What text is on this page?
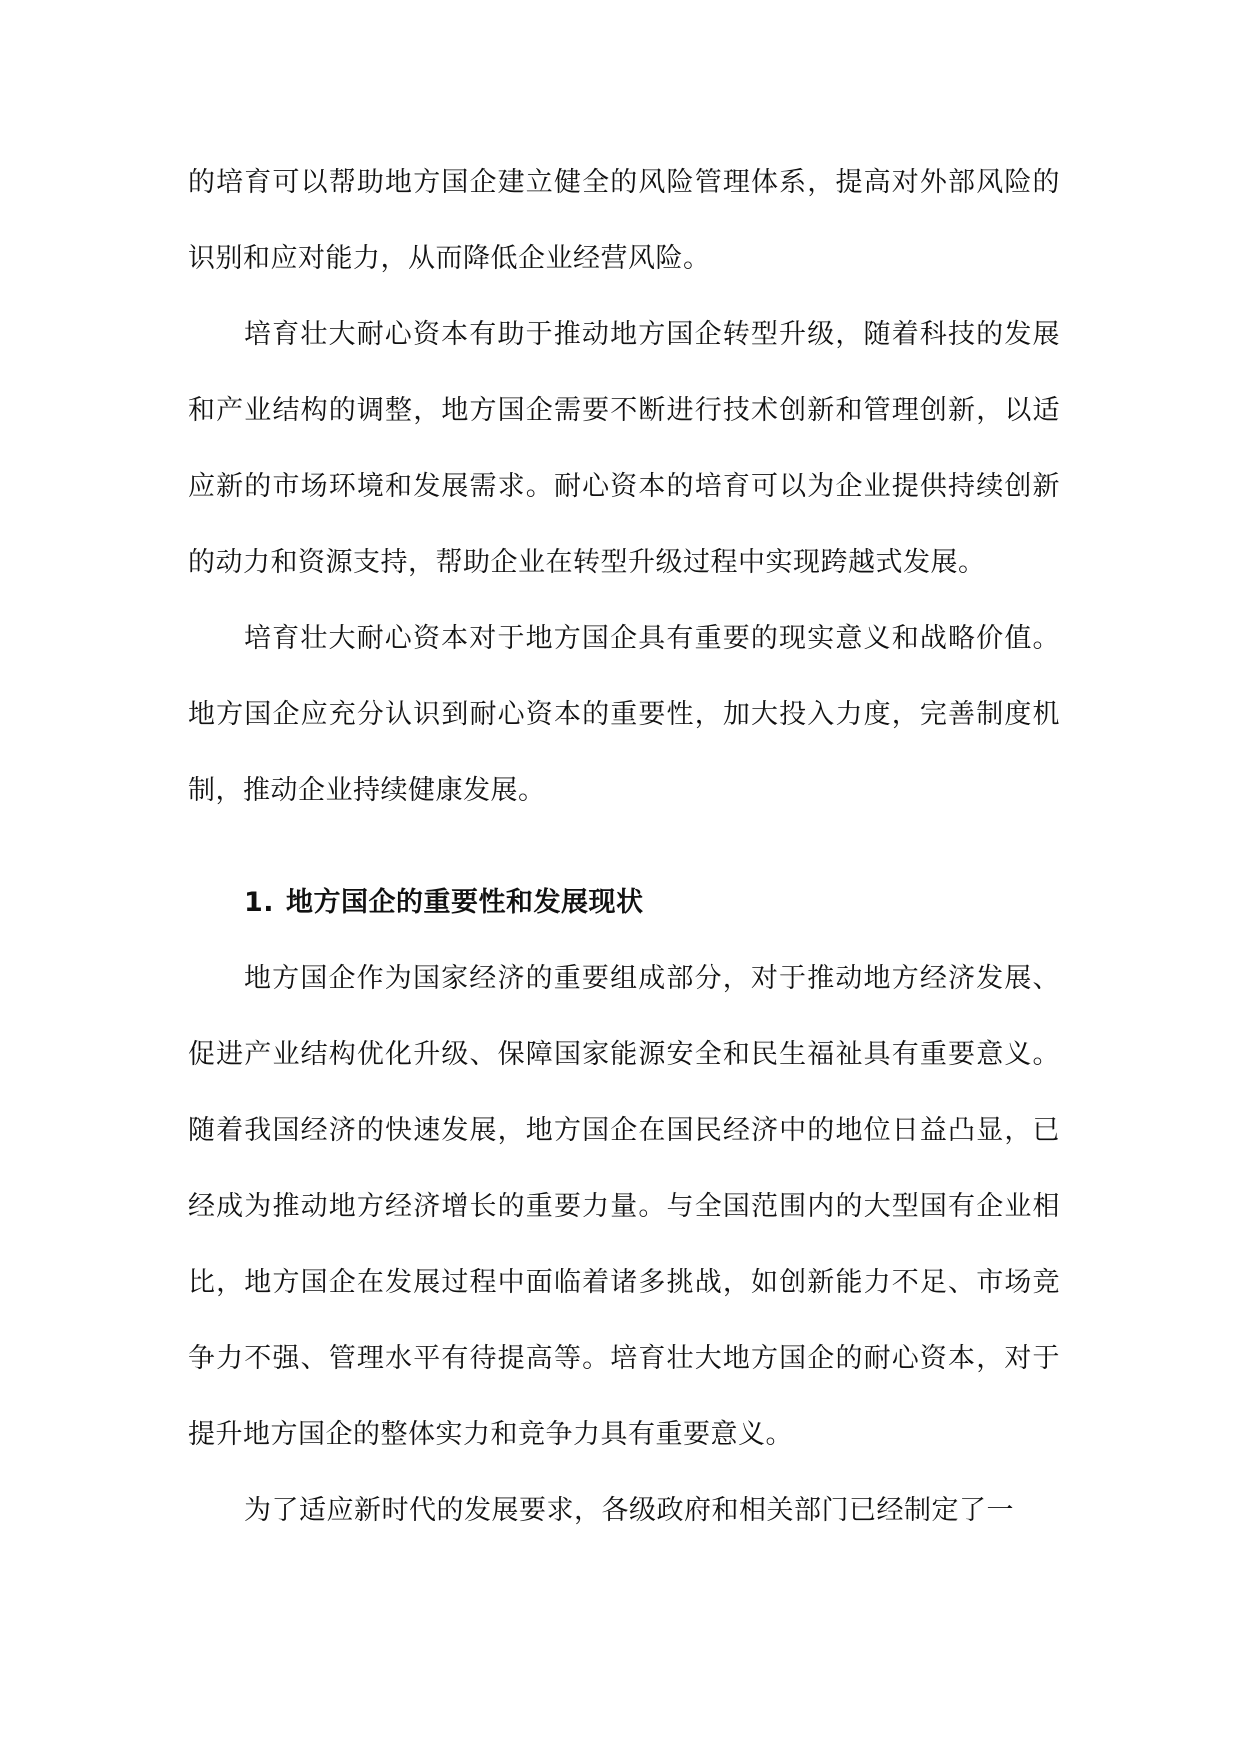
的培育可以帮助地方国企建立健全的风险管理体系，提高对外部风险的识别和应对能力，从而降低企业经营风险。

培育壮大耐心资本有助于推动地方国企转型升级，随着科技的发展和产业结构的调整，地方国企需要不断进行技术创新和管理创新，以适应新的市场环境和发展需求。耐心资本的培育可以为企业提供持续创新的动力和资源支持，帮助企业在转型升级过程中实现跨越式发展。

培育壮大耐心资本对于地方国企具有重要的现实意义和战略价值。地方国企应充分认识到耐心资本的重要性，加大投入力度，完善制度机制，推动企业持续健康发展。

1. 地方国企的重要性和发展现状

地方国企作为国家经济的重要组成部分，对于推动地方经济发展、促进产业结构优化升级、保障国家能源安全和民生福祉具有重要意义。随着我国经济的快速发展，地方国企在国民经济中的地位日益凸显，已经成为推动地方经济增长的重要力量。与全国范围内的大型国有企业相比，地方国企在发展过程中面临着诸多挑战，如创新能力不足、市场竞争力不强、管理水平有待提高等。培育壮大地方国企的耐心资本，对于提升地方国企的整体实力和竞争力具有重要意义。

为了适应新时代的发展要求，各级政府和相关部门已经制定了一
